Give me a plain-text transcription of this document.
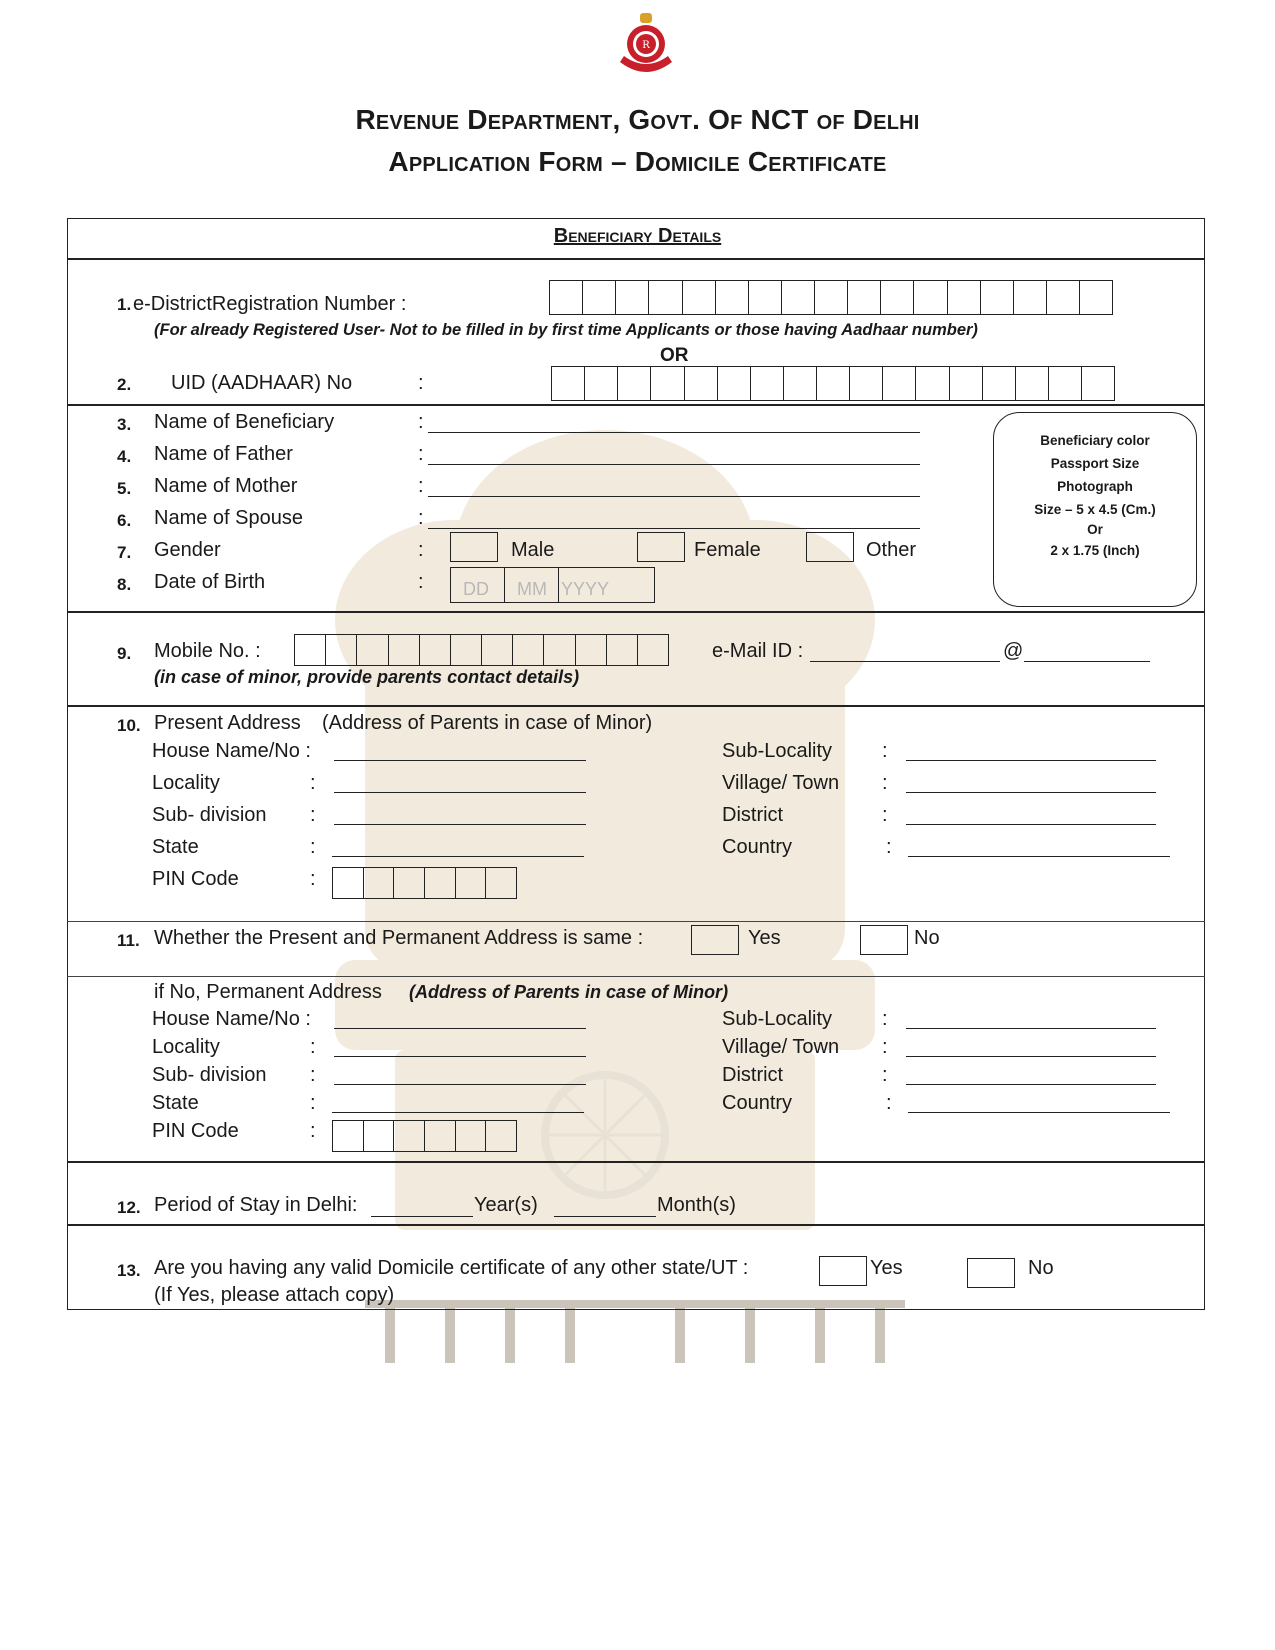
R
Revenue Department, Govt. Of NCT of Delhi
Application Form – Domicile Certificate
Beneficiary Details
1. e-DistrictRegistration Number :
(For already Registered User- Not to be filled in by first time Applicants or those having Aadhaar number)
OR
2. UID (AADHAAR) No	:
3. Name of Beneficiary	:
4. Name of Father	:
5. Name of Mother	:
6. Name of Spouse	:
7. Gender	:	Male	Female	Other
8. Date of Birth	:	DD	MM YYYY
Beneficiary color
Passport Size
Photograph
Size – 5 x 4.5 (Cm.)
Or
2 x 1.75 (Inch)
9. Mobile No. :	e-Mail ID :	@
(in case of minor, provide parents contact details)
10. Present Address (Address of Parents in case of Minor)
House Name/No :
Locality	:
Sub- division :
State	:
PIN Code	:
Sub-Locality :
Village/ Town :
District	:
Country	:
11. Whether the Present and Permanent Address is same :	Yes	No
if No, Permanent Address (Address of Parents in case of Minor)
House Name/No :
Locality	:
Sub- division :
State	:
PIN Code	:
Sub-Locality :
Village/ Town :
District	:
Country	:
12. Period of Stay in Delhi:	Year(s)	Month(s)
13. Are you having any valid Domicile certificate of any other state/UT :	Yes	No
(If Yes, please attach copy)
